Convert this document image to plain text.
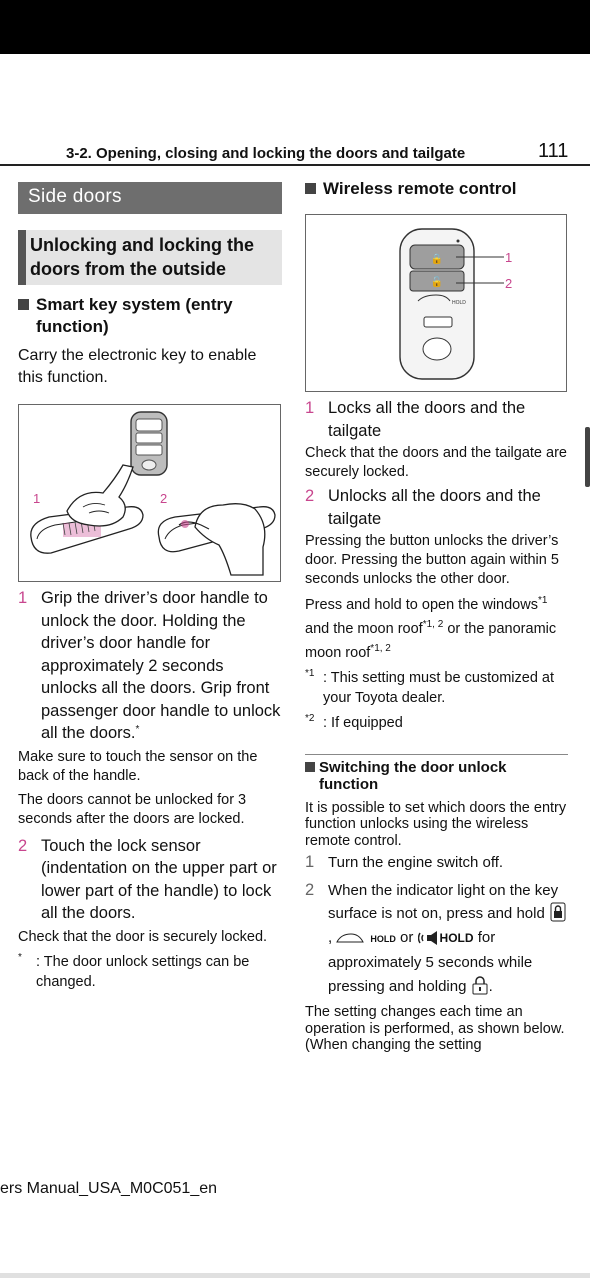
3-2. Opening, closing and locking the doors and tailgate	111
Side doors
Unlocking and locking the doors from the outside
Smart key system (entry function)

Carry the electronic key to enable this function.

1	2
1 Grip the driver’s door handle to unlock the door. Holding the driver’s door handle for approximately 2 seconds unlocks all the doors. Grip front passenger door handle to unlock all the doors.*

Make sure to touch the sensor on the back of the handle.

The doors cannot be unlocked for 3 seconds after the doors are locked.

2 Touch the lock sensor (indentation on the upper part or lower part of the handle) to lock all the doors.

Check that the door is securely locked.

* : The door unlock settings can be changed.
Wireless remote control
🔒
🔓
HOLD
1
2
1 Locks all the doors and the tailgate

Check that the doors and the tailgate are securely locked.

2 Unlocks all the doors and the tailgate

Pressing the button unlocks the driver’s door. Pressing the button again within 5 seconds unlocks the other door.

Press and hold to open the windows$^{*1}$ and the moon roof$^{*1, 2}$ or the panoramic moon roof$^{*1, 2}$

$^{*1}$ : This setting must be customized at your Toyota dealer.
$^{*2}$ : If equipped
Switching the door unlock function

It is possible to set which doors the entry function unlocks using the wireless remote control.

1 Turn the engine switch off.
2 When the indicator light on the key surface is not on, press and hold ,	HOLD or HOLD for approximately 5 seconds while pressing and holding .

The setting changes each time an operation is performed, as shown below. (When changing the setting

ers Manual_USA_M0C051_en
